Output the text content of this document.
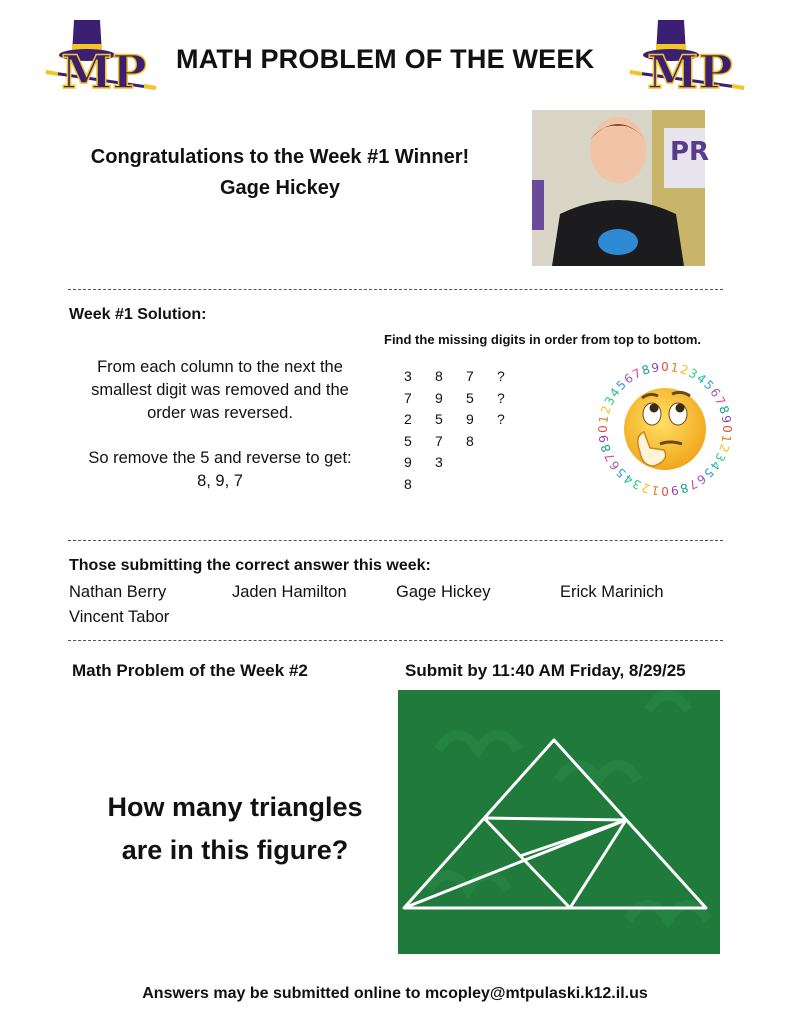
MP	MP
MATH PROBLEM OF THE WEEK
Congratulations to the Week #1 Winner!
Gage Hickey
PR
Week #1 Solution:
From each column to the next the smallest digit was removed and the order was reversed.
So remove the 5 and reverse to get:
8, 9, 7
Find the missing digits in order from top to bottom.
3	8	7	?
7	9	5	?
2	5	9	?
5	7	8
9	3
8
0 1
2
3
4
5
6
7
8
9
0
1
2
3
4
5
6
7
8
9
0
1
2
3
4
5
6
7
8
9
0
1
2
3
4
5
6
7
8
9
Those submitting the correct answer this week:
Nathan Berry	Jaden Hamilton	Gage Hickey	Erick Marinich
Vincent Tabor
Math Problem of the Week #2	Submit by 11:40 AM Friday, 8/29/25
How many triangles
are in this figure?
Answers may be submitted online to mcopley@mtpulaski.k12.il.us
